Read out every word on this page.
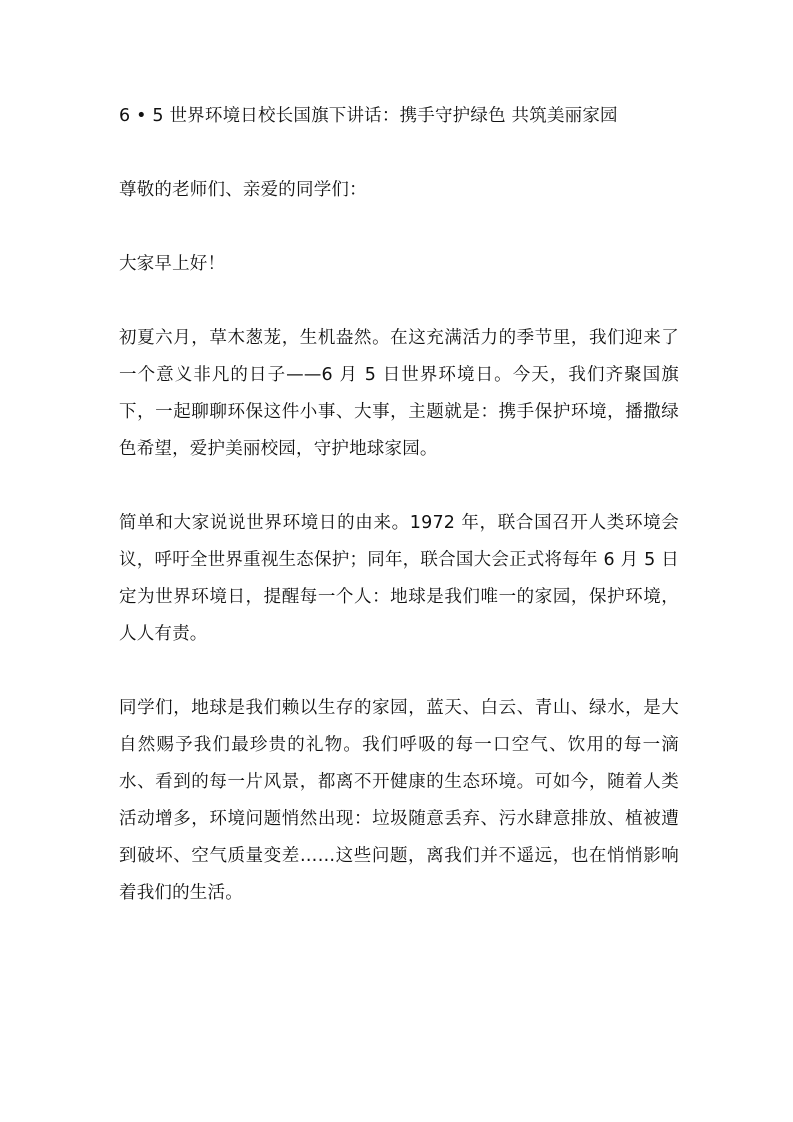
6 • 5 世界环境日校长国旗下讲话：携手守护绿色 共筑美丽家园

尊敬的老师们、亲爱的同学们：

大家早上好！

初夏六月，草木葱茏，生机盎然。在这充满活力的季节里，我们迎来了一个意义非凡的日子——6 月 5 日世界环境日。今天，我们齐聚国旗下，一起聊聊环保这件小事、大事，主题就是：携手保护环境，播撒绿色希望，爱护美丽校园，守护地球家园。

简单和大家说说世界环境日的由来。1972 年，联合国召开人类环境会议，呼吁全世界重视生态保护；同年，联合国大会正式将每年 6 月 5 日定为世界环境日，提醒每一个人：地球是我们唯一的家园，保护环境，人人有责。

同学们，地球是我们赖以生存的家园，蓝天、白云、青山、绿水，是大自然赐予我们最珍贵的礼物。我们呼吸的每一口空气、饮用的每一滴水、看到的每一片风景，都离不开健康的生态环境。可如今，随着人类活动增多，环境问题悄然出现：垃圾随意丢弃、污水肆意排放、植被遭到破坏、空气质量变差……这些问题，离我们并不遥远，也在悄悄影响着我们的生活。
